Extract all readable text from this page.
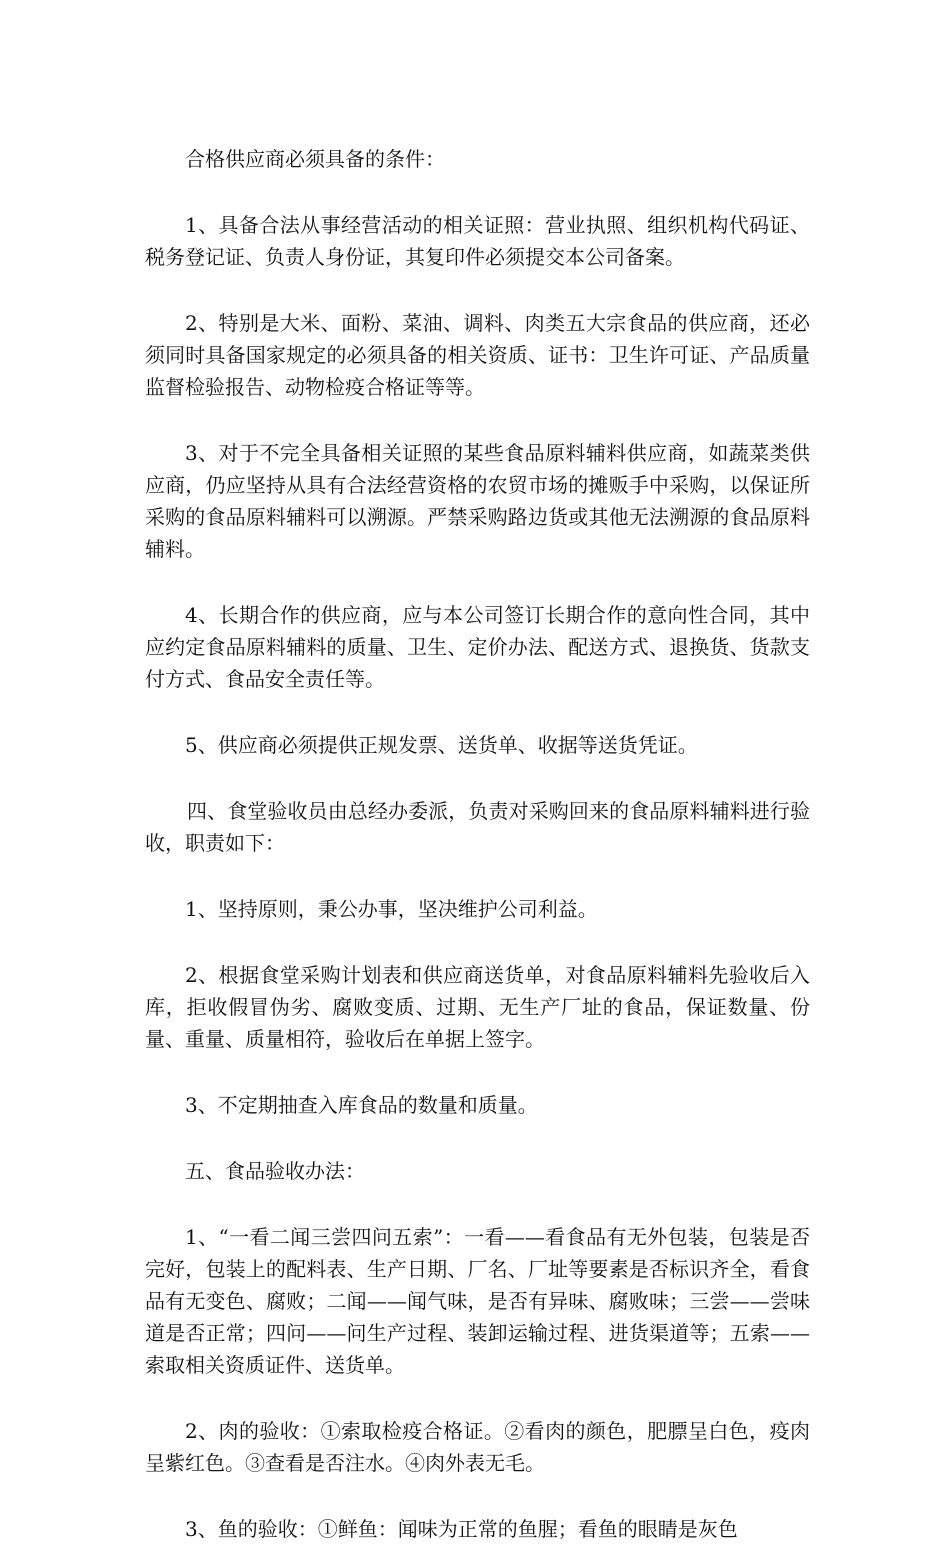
合格供应商必须具备的条件：

1、具备合法从事经营活动的相关证照：营业执照、组织机构代码证、税务登记证、负责人身份证，其复印件必须提交本公司备案。

2、特别是大米、面粉、菜油、调料、肉类五大宗食品的供应商，还必须同时具备国家规定的必须具备的相关资质、证书：卫生许可证、产品质量监督检验报告、动物检疫合格证等等。

3、对于不完全具备相关证照的某些食品原料辅料供应商，如蔬菜类供应商，仍应坚持从具有合法经营资格的农贸市场的摊贩手中采购，以保证所采购的食品原料辅料可以溯源。严禁采购路边货或其他无法溯源的食品原料辅料。

4、长期合作的供应商，应与本公司签订长期合作的意向性合同，其中应约定食品原料辅料的质量、卫生、定价办法、配送方式、退换货、货款支付方式、食品安全责任等。

5、供应商必须提供正规发票、送货单、收据等送货凭证。

四、食堂验收员由总经办委派，负责对采购回来的食品原料辅料进行验收，职责如下：

1、坚持原则，秉公办事，坚决维护公司利益。

2、根据食堂采购计划表和供应商送货单，对食品原料辅料先验收后入库，拒收假冒伪劣、腐败变质、过期、无生产厂址的食品，保证数量、份量、重量、质量相符，验收后在单据上签字。

3、不定期抽查入库食品的数量和质量。

五、食品验收办法：

1、“一看二闻三尝四问五索”：一看——看食品有无外包装，包装是否完好，包装上的配料表、生产日期、厂名、厂址等要素是否标识齐全，看食品有无变色、腐败；二闻——闻气味，是否有异味、腐败味；三尝——尝味道是否正常；四问——问生产过程、装卸运输过程、进货渠道等；五索——索取相关资质证件、送货单。

2、肉的验收：①索取检疫合格证。②看肉的颜色，肥膘呈白色，疫肉呈紫红色。③查看是否注水。④肉外表无毛。

3、鱼的验收：①鲜鱼：闻味为正常的鱼腥；看鱼的眼睛是灰色
